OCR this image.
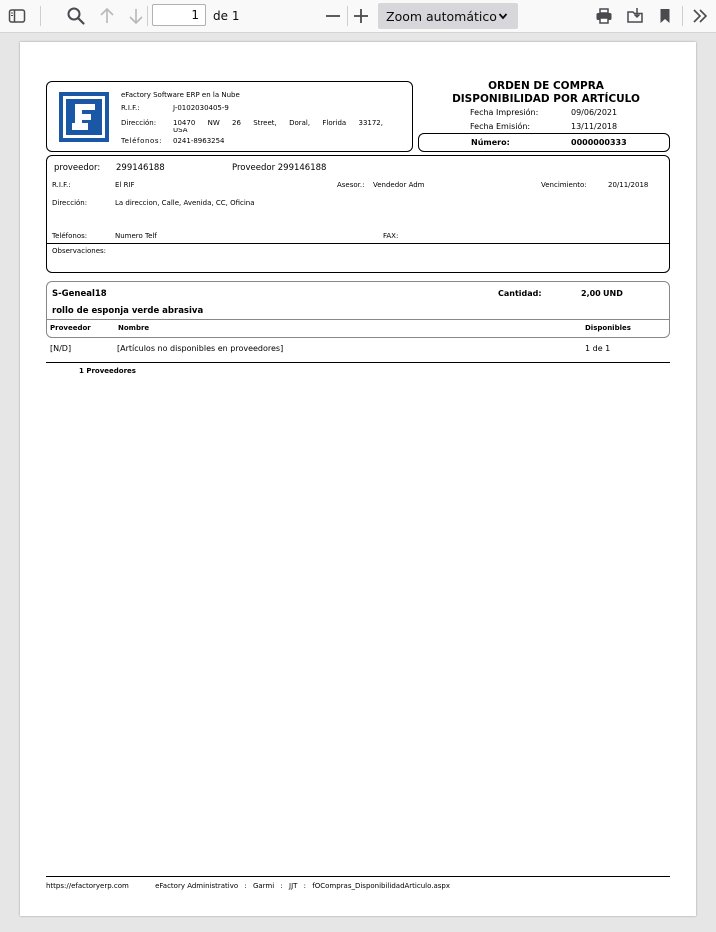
1
de 1	Zoom automático
eFactory Software ERP en la Nube
R.I.F.:	J-0102030405-9
Dirección: 10470 NW 26 Street, Doral, Florida 33172,
USA
Teléfonos: 0241-8963254
ORDEN DE COMPRA
DISPONIBILIDAD POR ARTÍCULO
Fecha Impresión:	09/06/2021
Fecha Emisión:	13/11/2018
Número:	0000000333
proveedor: 299146188	Proveedor 299146188
R.I.F.:	El RIF	Asesor.: Vendedor Adm	Vencimiento:	20/11/2018
Dirección:	La direccion, Calle, Avenida, CC, Oficina
Teléfonos:	Numero Telf	FAX:
Observaciones:
S-Geneal18	Cantidad:	2,00 UND
rollo de esponja verde abrasiva
Proveedor	Nombre	Disponibles
[N/D]	[Artículos no disponibles en proveedores]	1 de 1
1 Proveedores
https://efactoryerp.com	eFactory Administrativo : Garmi : JJT : fOCompras_DisponibilidadArticulo.aspx
